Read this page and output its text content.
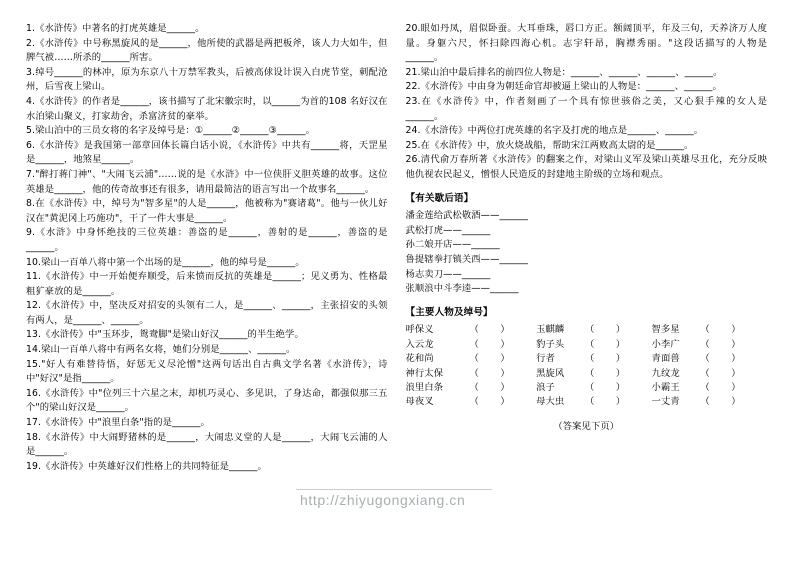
1.《水浒传》中著名的打虎英雄是______。

2.《水浒传》中号称黑旋风的是______，他所使的武器是两把板斧，该人力大如牛，但脾气被……所杀的______所害。

3.绰号______的林冲，原为东京八十万禁军教头，后被高俅设计误入白虎节堂，刺配沧州，后雪夜上梁山。

4.《水浒传》的作者是______，该书描写了北宋徽宗时，以______为首的108 名好汉在水泊梁山聚义，打家劫舍，杀富济贫的豪举。

5.梁山泊中的三员女将的名字及绰号是：①______②______③______。

6.《水浒传》是我国第一部章回体长篇白话小说，《水浒传》中共有______将，天罡星是______，地煞星______。

7."醉打蒋门神"、"大闹飞云浦"……说的是《水浒》中一位侠肝义胆英雄的故事。这位英雄是______，他的传奇故事还有很多，请用最简洁的语言写出一个故事名______。

8.在《水浒传》中，绰号为"智多星"的人是______，他被称为"赛诸葛"。他与一伙儿好汉在"黄泥冈上巧施功"，干了一件大事是______。

9.《水浒》中身怀绝技的三位英雄：善盗的是______，善射的是______，善盗的是______。

10.梁山一百单八将中第一个出场的是______，他的绰号是______。

11.《水浒传》中一开始便弃顺受，后来愤而反抗的英雄是______；见义勇为、性格最粗犷豪放的是______。

12.《水浒传》中，坚决反对招安的头领有二人，是______、______，主张招安的头领有两人，是______、______。

13.《水浒传》中"玉环步，鸳鸯脚"是梁山好汉______的半生绝学。

14.梁山一百单八将中有两名女将，她们分别是______、______。

15."好人有难替待悟，好惩无义尽沦憎"这两句话出自古典文学名著《水浒传》，诗中"好汉"是指______。

16.《水浒传》中"位列三十六星之末，却机巧灵心、多见识，了身达命，都强似那三五个"的梁山好汉是______。

17.《水浒传》中"浪里白条"指的是______。

18.《水浒传》中大闹野猪林的是______，大闹忠义堂的人是______，大闹飞云浦的人是______。

19.《水浒传》中英雄好汉们性格上的共同特征是______。

20.眼如丹凤，眉似卧蚕。大耳垂珠，唇口方正。额阔顶平，年及三旬，天养济万人度量。身躯六尺，怀扫除四海心机。志宇轩昂，胸襟秀丽。"这段话描写的人物是______。

21.梁山泊中最后排名的前四位人物是：______、______、______、______。

22.《水浒传》中由身为朝廷命官却被逼上梁山的人物是：______、______。

23.在《水浒传》中，作者刻画了一个具有惊世骇俗之美，又心狠手辣的女人是______。

24.《水浒传》中两位打虎英雄的名字及打虎的地点是______、______。

25.在《水浒传》中，放火烧战船，帮助宋江两败高太尉的是______。

26.清代俞万春所著《水浒传》的翻案之作，对梁山义军及梁山英雄尽丑化，充分反映他仇视农民起义，憎恨人民造反的封建地主阶级的立场和观点。

【有关歇后语】

潘金莲给武松敬酒——______

武松打虎——______

孙二娘开店——______

鲁提辖拳打镇关西——______

杨志卖刀——______

张顺浪中斗李逵——______

【主要人物及绰号】

呼保义	（　　）	玉麒麟	（　　）	智多星	（　　）
入云龙	（　　）	豹子头	（　　）	小李广	（　　）
花和尚	（　　）	行者	（　　）	青面兽	（　　）
神行太保	（　　）	黑旋风	（　　）	九纹龙	（　　）
浪里白条	（　　）	浪子	（　　）	小霸王	（　　）
母夜叉	（　　）	母大虫	（　　）	一丈青	（　　）

（答案见下页）

http://zhiyugongxiang.cn
